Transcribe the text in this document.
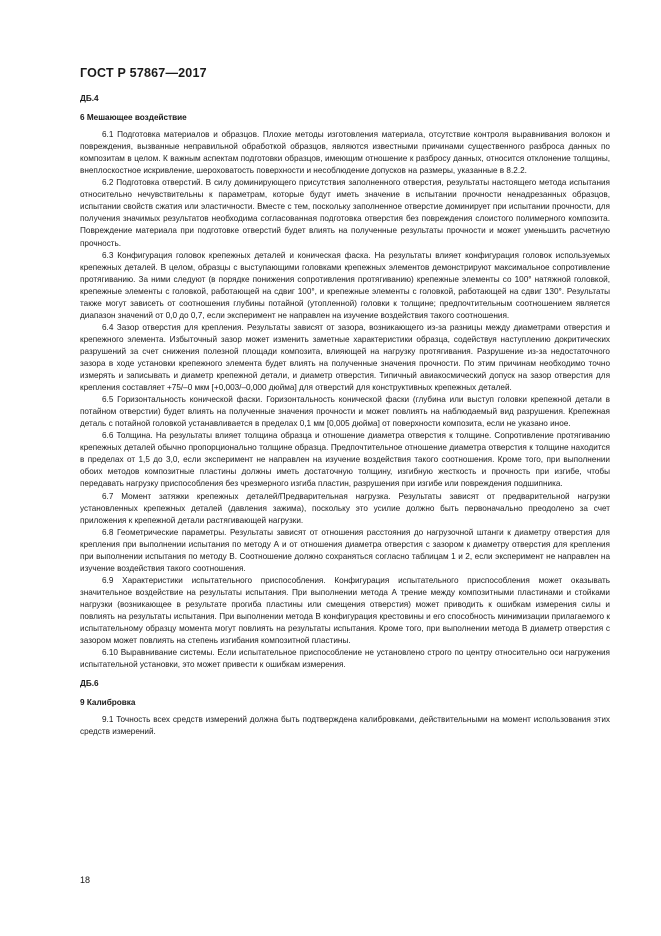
ГОСТ Р 57867—2017
ДБ.4
6 Мешающее воздействие

6.1 Подготовка материалов и образцов. Плохие методы изготовления материала, отсутствие контроля выравнивания волокон и повреждения, вызванные неправильной обработкой образцов, являются известными причинами существенного разброса данных по композитам в целом. К важным аспектам подготовки образцов, имеющим отношение к разбросу данных, относится отклонение толщины, внеплоскостное искривление, шероховатость поверхности и несоблюдение допусков на размеры, указанные в 8.2.2.

6.2 Подготовка отверстий. В силу доминирующего присутствия заполненного отверстия, результаты настоящего метода испытания относительно нечувствительны к параметрам, которые будут иметь значение в испытании прочности ненадрезанных образцов, испытании свойств сжатия или эластичности. Вместе с тем, поскольку заполненное отверстие доминирует при испытании прочности, для получения значимых результатов необходима согласованная подготовка отверстия без повреждения слоистого полимерного композита. Повреждение материала при подготовке отверстий будет влиять на полученные результаты прочности и может уменьшить расчетную прочность.

6.3 Конфигурация головок крепежных деталей и коническая фаска. На результаты влияет конфигурация головок используемых крепежных деталей. В целом, образцы с выступающими головками крепежных элементов демонстрируют максимальное сопротивление протягиванию. За ними следуют (в порядке понижения сопротивления протягиванию) крепежные элементы со 100° натяжной головкой, крепежные элементы с головкой, работающей на сдвиг 100°, и крепежные элементы с головкой, работающей на сдвиг 130°. Результаты также могут зависеть от соотношения глубины потайной (утопленной) головки к толщине; предпочтительным соотношением является диапазон значений от 0,0 до 0,7, если эксперимент не направлен на изучение воздействия такого соотношения.

6.4 Зазор отверстия для крепления. Результаты зависят от зазора, возникающего из-за разницы между диаметрами отверстия и крепежного элемента. Избыточный зазор может изменить заметные характеристики образца, содействуя наступлению докритических разрушений за счет снижения полезной площади композита, влияющей на нагрузку протягивания. Разрушение из-за недостаточного зазора в ходе установки крепежного элемента будет влиять на полученные значения прочности. По этим причинам необходимо точно измерять и записывать и диаметр крепежной детали, и диаметр отверстия. Типичный авиакосмический допуск на зазор отверстия для крепления составляет +75/–0 мкм [+0,003/–0,000 дюйма] для отверстий для конструктивных крепежных деталей.

6.5 Горизонтальность конической фаски. Горизонтальность конической фаски (глубина или выступ головки крепежной детали в потайном отверстии) будет влиять на полученные значения прочности и может повлиять на наблюдаемый вид разрушения. Крепежная деталь с потайной головкой устанавливается в пределах 0,1 мм [0,005 дюйма] от поверхности композита, если не указано иное.

6.6 Толщина. На результаты влияет толщина образца и отношение диаметра отверстия к толщине. Сопротивление протягиванию крепежных деталей обычно пропорционально толщине образца. Предпочтительное отношение диаметра отверстия к толщине находится в пределах от 1,5 до 3,0, если эксперимент не направлен на изучение воздействия такого соотношения. Кроме того, при выполнении обоих методов композитные пластины должны иметь достаточную толщину, изгибную жесткость и прочность при изгибе, чтобы передавать нагрузку приспособления без чрезмерного изгиба пластин, разрушения при изгибе или повреждения подшипника.

6.7 Момент затяжки крепежных деталей/Предварительная нагрузка. Результаты зависят от предварительной нагрузки установленных крепежных деталей (давления зажима), поскольку это усилие должно быть первоначально преодолено за счет приложения к крепежной детали растягивающей нагрузки.

6.8 Геометрические параметры. Результаты зависят от отношения расстояния до нагрузочной штанги к диаметру отверстия для крепления при выполнении испытания по методу А и от отношения диаметра отверстия с зазором к диаметру отверстия для крепления при выполнении испытания по методу В. Соотношение должно сохраняться согласно таблицам 1 и 2, если эксперимент не направлен на изучение воздействия такого соотношения.

6.9 Характеристики испытательного приспособления. Конфигурация испытательного приспособления может оказывать значительное воздействие на результаты испытания. При выполнении метода А трение между композитными пластинами и стойками нагрузки (возникающее в результате прогиба пластины или смещения отверстия) может приводить к ошибкам измерения силы и повлиять на результаты испытания. При выполнении метода В конфигурация крестовины и его способность минимизации прилагаемого к испытательному образцу момента могут повлиять на результаты испытания. Кроме того, при выполнении метода В диаметр отверстия с зазором может повлиять на степень изгибания композитной пластины.

6.10 Выравнивание системы. Если испытательное приспособление не установлено строго по центру относительно оси нагружения испытательной установки, это может привести к ошибкам измерения.

ДБ.6
9 Калибровка

9.1 Точность всех средств измерений должна быть подтверждена калибровками, действительными на момент использования этих средств измерений.

18
